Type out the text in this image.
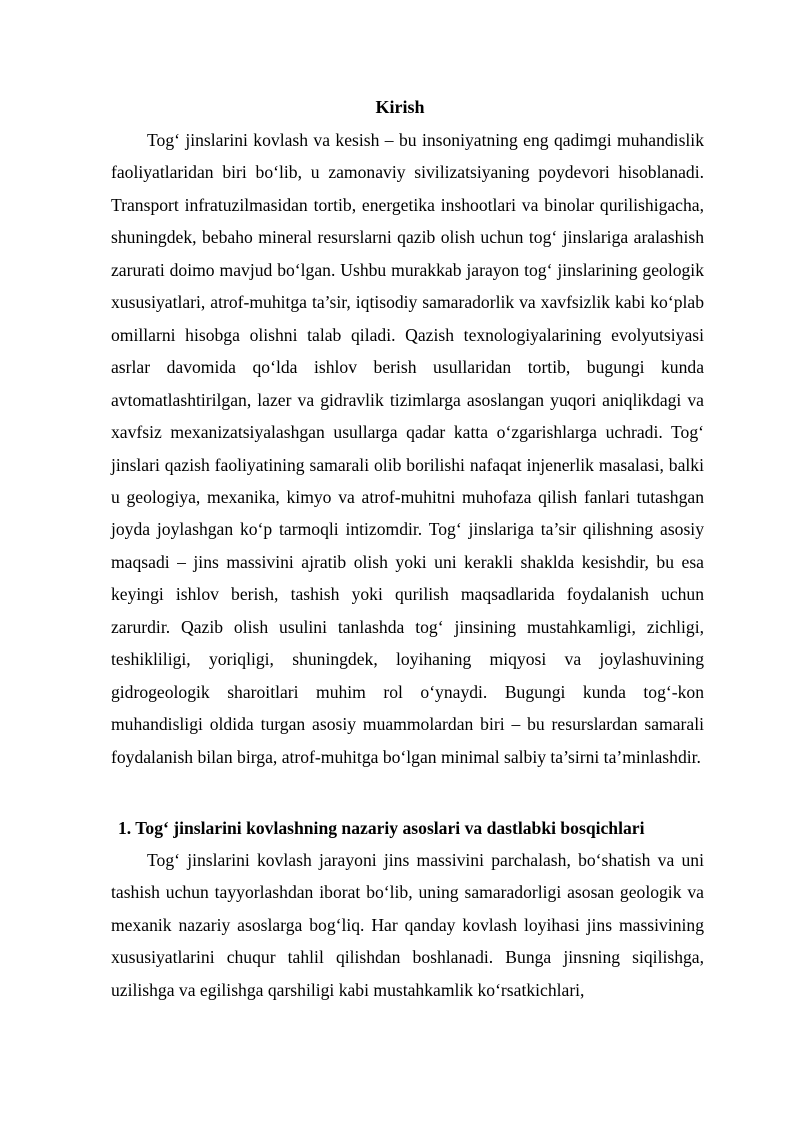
Kirish

Tog‘ jinslarini kovlash va kesish – bu insoniyatning eng qadimgi muhandislik faoliyatlaridan biri bo‘lib, u zamonaviy sivilizatsiyaning poydevori hisoblanadi. Transport infratuzilmasidan tortib, energetika inshootlari va binolar qurilishigacha, shuningdek, bebaho mineral resurslarni qazib olish uchun tog‘ jinslariga aralashish zarurati doimo mavjud bo‘lgan. Ushbu murakkab jarayon tog‘ jinslarining geologik xususiyatlari, atrof-muhitga ta’sir, iqtisodiy samaradorlik va xavfsizlik kabi ko‘plab omillarni hisobga olishni talab qiladi. Qazish texnologiyalarining evolyutsiyasi asrlar davomida qo‘lda ishlov berish usullaridan tortib, bugungi kunda avtomatlashtirilgan, lazer va gidravlik tizimlarga asoslangan yuqori aniqlikdagi va xavfsiz mexanizatsiyalashgan usullarga qadar katta o‘zgarishlarga uchradi. Tog‘ jinslari qazish faoliyatining samarali olib borilishi nafaqat injenerlik masalasi, balki u geologiya, mexanika, kimyo va atrof-muhitni muhofaza qilish fanlari tutashgan joyda joylashgan ko‘p tarmoqli intizomdir. Tog‘ jinslariga ta’sir qilishning asosiy maqsadi – jins massivini ajratib olish yoki uni kerakli shaklda kesishdir, bu esa keyingi ishlov berish, tashish yoki qurilish maqsadlarida foydalanish uchun zarurdir. Qazib olish usulini tanlashda tog‘ jinsining mustahkamligi, zichligi, teshikliligi, yoriqligi, shuningdek, loyihaning miqyosi va joylashuvining gidrogeologik sharoitlari muhim rol o‘ynaydi. Bugungi kunda tog‘-kon muhandisligi oldida turgan asosiy muammolardan biri – bu resurslardan samarali foydalanish bilan birga, atrof-muhitga bo‘lgan minimal salbiy ta’sirni ta’minlashdir.

1. Tog‘ jinslarini kovlashning nazariy asoslari va dastlabki bosqichlari

Tog‘ jinslarini kovlash jarayoni jins massivini parchalash, bo‘shatish va uni tashish uchun tayyorlashdan iborat bo‘lib, uning samaradorligi asosan geologik va mexanik nazariy asoslarga bog‘liq. Har qanday kovlash loyihasi jins massivining xususiyatlarini chuqur tahlil qilishdan boshlanadi. Bunga jinsning siqilishga, uzilishga va egilishga qarshiligi kabi mustahkamlik ko‘rsatkichlari,
